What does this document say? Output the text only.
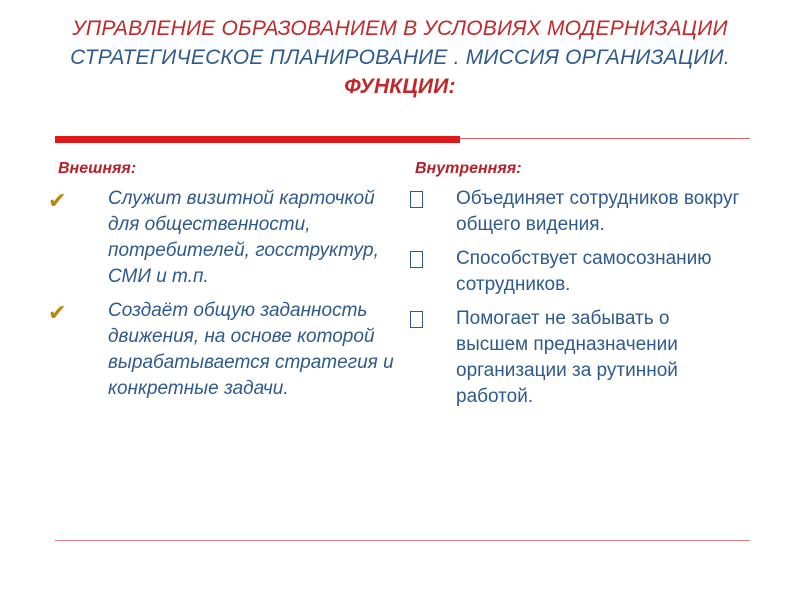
УПРАВЛЕНИЕ ОБРАЗОВАНИЕМ В УСЛОВИЯХ МОДЕРНИЗАЦИИ
СТРАТЕГИЧЕСКОЕ ПЛАНИРОВАНИЕ . МИССИЯ ОРГАНИЗАЦИИ.
ФУНКЦИИ:
Внешняя:	Внутренняя:
✔ Служит визитной карточкой для общественности, потребителей, госструктур, СМИ и т.п.
✔ Создаёт общую заданность движения, на основе которой вырабатывается стратегия и конкретные задачи.
Объединяет сотрудников вокруг общего видения.
Способствует самосознанию сотрудников.
Помогает не забывать о высшем предназначении организации за рутинной работой.
